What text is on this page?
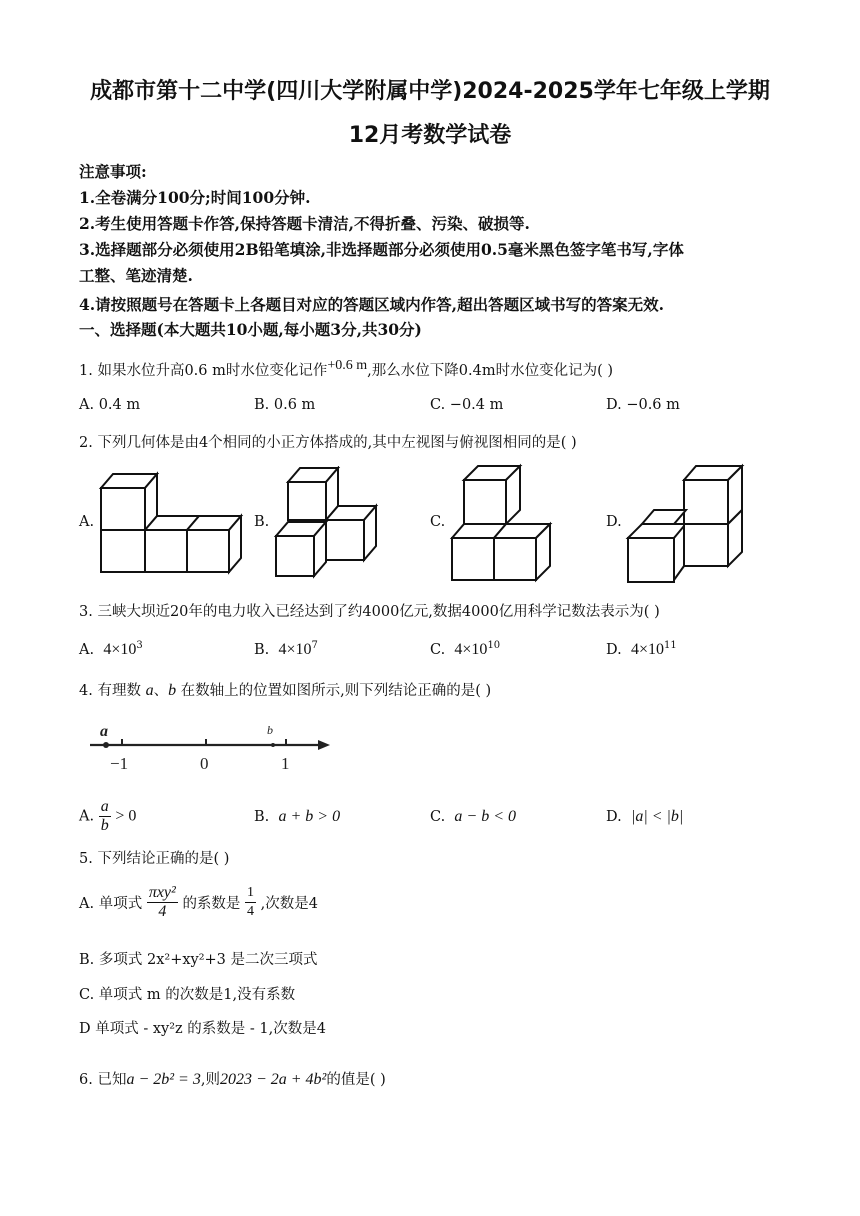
成都市第十二中学(四川大学附属中学)2024-2025学年七年级上学期
12月考数学试卷
注意事项:
1.全卷满分100分;时间100分钟.
2.考生使用答题卡作答,保持答题卡清洁,不得折叠、污染、破损等.
3.选择题部分必须使用2B铅笔填涂,非选择题部分必须使用0.5毫米黑色签字笔书写,字体
工整、笔迹清楚.
4.请按照题号在答题卡上各题目对应的答题区域内作答,超出答题区域书写的答案无效.
一、选择题(本大题共10小题,每小题3分,共30分)
1. 如果水位升高0.6 m时水位变化记作$^{+0.6 m}$,那么水位下降0.4m时水位变化记为( )
A. 0.4 m	B. 0.6 m	C. −0.4 m	D. −0.6 m
2. 下列几何体是由4个相同的小正方体搭成的,其中左视图与俯视图相同的是( )
A.	B.	C.	D.
3. 三峡大坝近20年的电力收入已经达到了约4000亿元,数据4000亿用科学记数法表示为( )
A. $4\times 10^3$	B. $4\times 10^7$	C. $4\times 10^{10}$	D. $4\times 10^{11}$
4. 有理数 a、b 在数轴上的位置如图所示,则下列结论正确的是( )
a	b
−1	0	1
A. $\frac{a}{b} > 0$	B. a + b > 0	C. a − b < 0	D. |a| < |b|
5. 下列结论正确的是( )
A. 单项式 $\frac{\text{πxy²}}{4}$ 的系数是 $\frac{1}{4}$ ,次数是4
B. 多项式 2x²+xy²+3 是二次三项式
C. 单项式 m 的次数是1,没有系数
D 单项式 - xy²z 的系数是 - 1,次数是4
6. 已知a − 2b² = 3,则2023 − 2a + 4b²的值是( )
